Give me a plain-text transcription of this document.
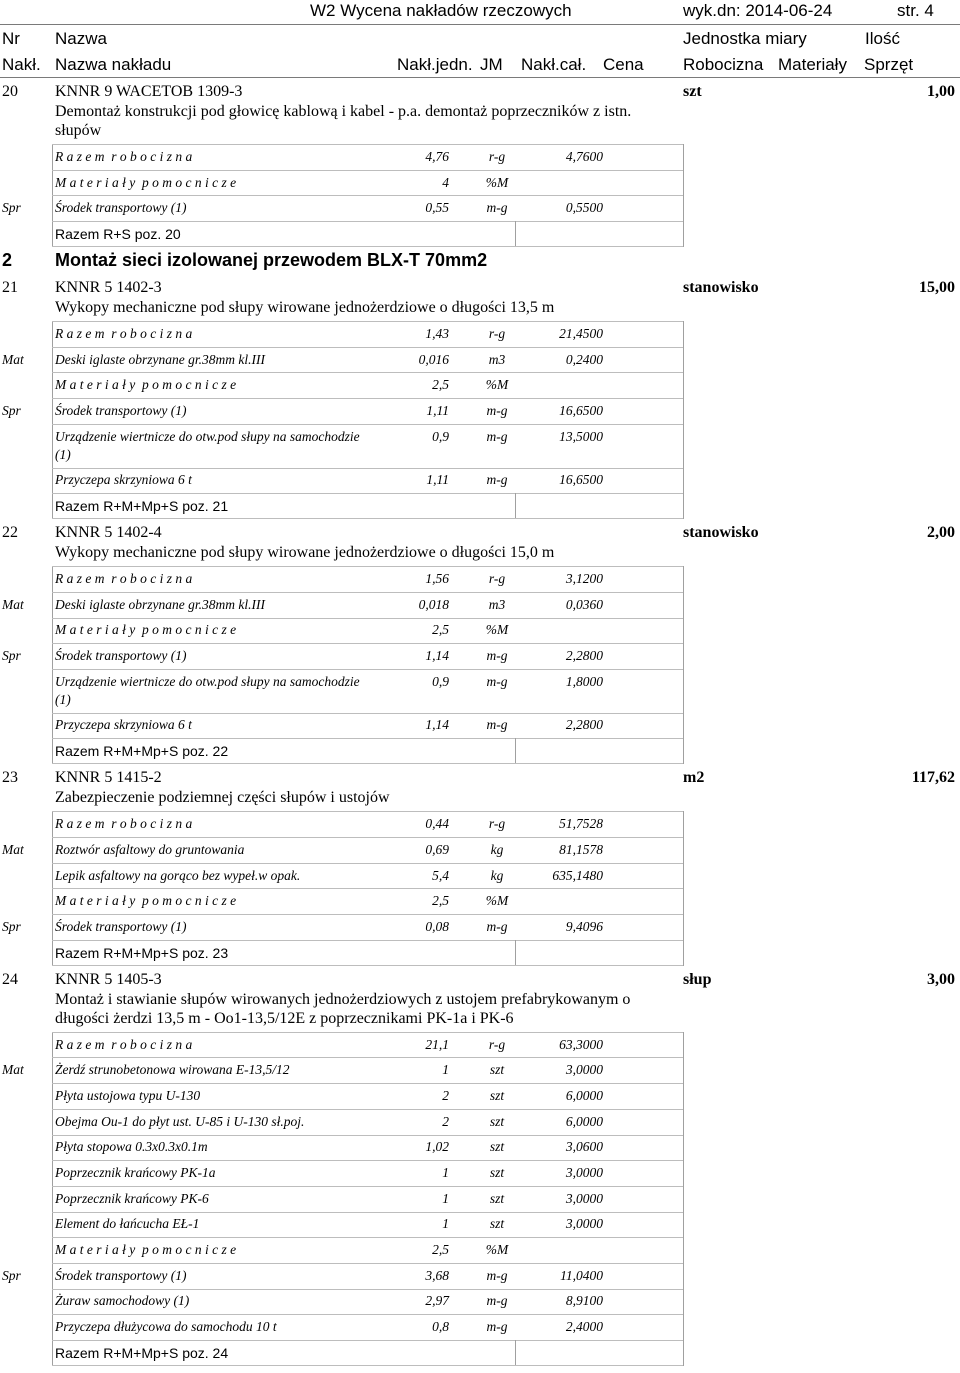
W2 Wycena nakładów rzeczowych	wyk.dn: 2014-06-24	str. 4
Nr Nazwa	Jednostka miary	Ilość
Nakł. Nazwa nakładu	Nakł.jedn. JM Nakł.cał. Cena Robocizna Materiały Sprzęt
20 KNNR 9 WACETOB 1309-3	szt	1,00
Demontaż konstrukcji pod głowicę kablową i kabel - p.a. demontaż poprzeczników z istn.
słupów
R a z e m  r o b o c i z n a	4,76	r-g	4,7600
M a t e r i a ł y  p o m o c n i c z e	4	%M
Spr	Środek transportowy (1)	0,55	m-g	0,5500
Razem R+S poz. 20
2 Montaż sieci izolowanej przewodem BLX-T 70mm2
21 KNNR 5 1402-3	stanowisko	15,00
Wykopy mechaniczne pod słupy wirowane jednożerdziowe o długości 13,5 m
R a z e m  r o b o c i z n a	1,43	r-g	21,4500
Mat Deski iglaste obrzynane gr.38mm kl.III	0,016	m3	0,2400
M a t e r i a ł y  p o m o c n i c z e	2,5	%M
Spr	Środek transportowy (1)	1,11	m-g	16,6500
Urządzenie wiertnicze do otw.pod słupy na samochodzie
(1)
0,9	m-g	13,5000
Przyczepa skrzyniowa 6 t	1,11	m-g	16,6500
Razem R+M+Mp+S poz. 21
22 KNNR 5 1402-4	stanowisko	2,00
Wykopy mechaniczne pod słupy wirowane jednożerdziowe o długości 15,0 m
R a z e m  r o b o c i z n a	1,56	r-g	3,1200
Mat Deski iglaste obrzynane gr.38mm kl.III	0,018	m3	0,0360
M a t e r i a ł y  p o m o c n i c z e	2,5	%M
Spr	Środek transportowy (1)	1,14	m-g	2,2800
Urządzenie wiertnicze do otw.pod słupy na samochodzie
(1)
0,9	m-g	1,8000
Przyczepa skrzyniowa 6 t	1,14	m-g	2,2800
Razem R+M+Mp+S poz. 22
23 KNNR 5 1415-2	m2	117,62
Zabezpieczenie podziemnej części słupów i ustojów
R a z e m  r o b o c i z n a	0,44	r-g	51,7528
Mat Roztwór asfaltowy do gruntowania	0,69	kg	81,1578
Lepik asfaltowy na gorąco bez wypeł.w opak.	5,4	kg	635,1480
M a t e r i a ł y  p o m o c n i c z e	2,5	%M
Spr	Środek transportowy (1)	0,08	m-g	9,4096
Razem R+M+Mp+S poz. 23
24 KNNR 5 1405-3	słup	3,00
Montaż i stawianie słupów wirowanych jednożerdziowych z ustojem prefabrykowanym o
długości żerdzi 13,5 m - Oo1-13,5/12E z poprzecznikami PK-1a i PK-6
R a z e m  r o b o c i z n a	21,1	r-g	63,3000
Mat Żerdź strunobetonowa wirowana E-13,5/12	1	szt	3,0000
Płyta ustojowa typu U-130	2	szt	6,0000
Obejma Ou-1 do płyt ust. U-85 i U-130 sł.poj.	2	szt	6,0000
Płyta stopowa 0.3x0.3x0.1m	1,02	szt	3,0600
Poprzecznik krańcowy PK-1a	1	szt	3,0000
Poprzecznik krańcowy PK-6	1	szt	3,0000
Element do łańcucha EŁ-1	1	szt	3,0000
M a t e r i a ł y  p o m o c n i c z e	2,5	%M
Spr	Środek transportowy (1)	3,68	m-g	11,0400
Żuraw samochodowy (1)	2,97	m-g	8,9100
Przyczepa dłużycowa do samochodu 10 t	0,8	m-g	2,4000
Razem R+M+Mp+S poz. 24
